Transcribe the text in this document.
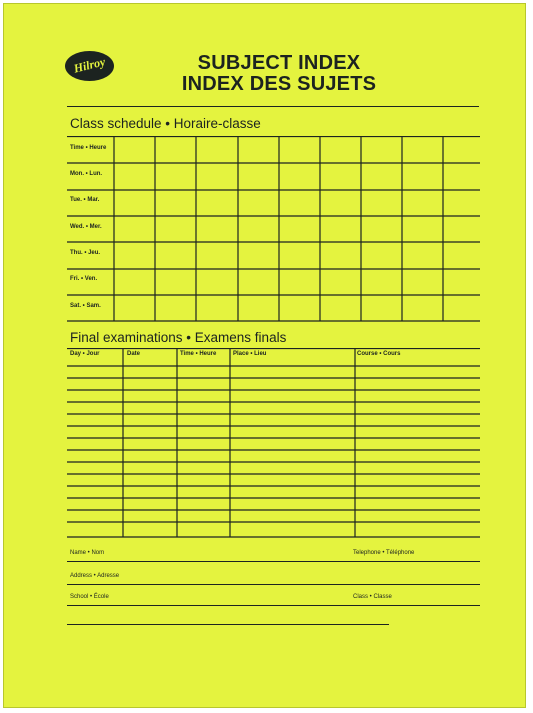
Hilroy	SUBJECT INDEX
INDEX DES SUJETS
Class schedule • Horaire-classe
Time • Heure
Mon. • Lun.
Tue. • Mar.
Wed. • Mer.
Thu. • Jeu.
Fri. • Ven.
Sat. • Sam.
Final examinations • Examens finals
Day • Jour	Date	Time • Heure	Place • Lieu	Course • Cours
Name • Nom	Telephone • Téléphone
Address • Adresse
School • École	Class • Classe
